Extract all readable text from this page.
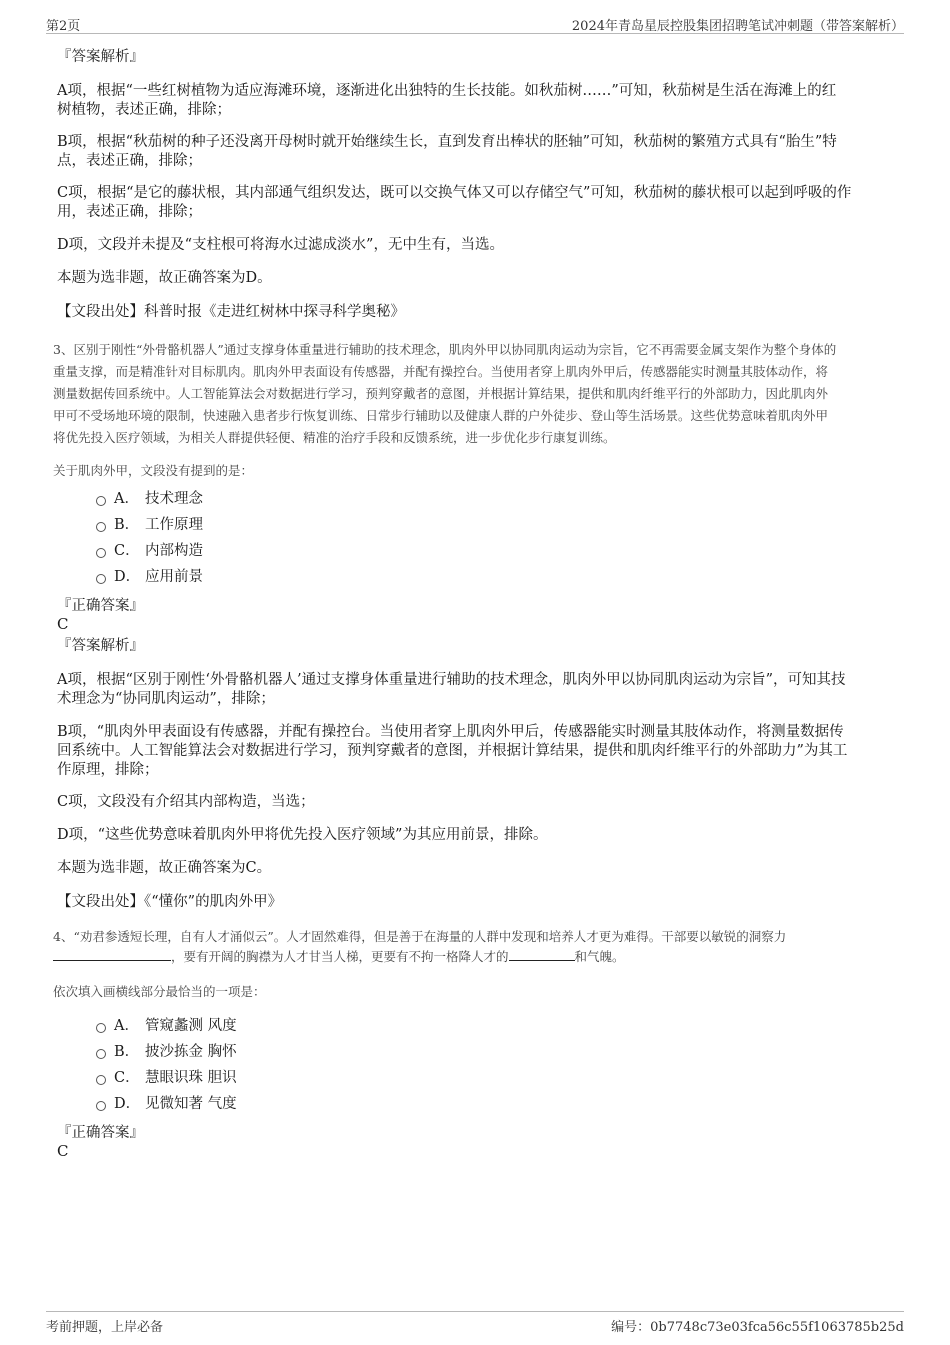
第2页	2024年青岛星辰控股集团招聘笔试冲刺题（带答案解析）
『答案解析』
A项，根据“一些红树植物为适应海滩环境，逐渐进化出独特的生长技能。如秋茄树……”可知，秋茄树是生活在海滩上的红
树植物，表述正确，排除；
B项，根据“秋茄树的种子还没离开母树时就开始继续生长，直到发育出棒状的胚轴”可知，秋茄树的繁殖方式具有“胎生”特
点，表述正确，排除；
C项，根据“是它的藤状根，其内部通气组织发达，既可以交换气体又可以存储空气”可知，秋茄树的藤状根可以起到呼吸的作
用，表述正确，排除；
D项，文段并未提及“支柱根可将海水过滤成淡水”，无中生有，当选。
本题为选非题，故正确答案为D。
【文段出处】科普时报《走进红树林中探寻科学奥秘》
3、区别于刚性“外骨骼机器人”通过支撑身体重量进行辅助的技术理念，肌肉外甲以协同肌肉运动为宗旨，它不再需要金属支架作为整个身体的
重量支撑，而是精准针对目标肌肉。肌肉外甲表面设有传感器，并配有操控台。当使用者穿上肌肉外甲后，传感器能实时测量其肢体动作，将
测量数据传回系统中。人工智能算法会对数据进行学习，预判穿戴者的意图，并根据计算结果，提供和肌肉纤维平行的外部助力，因此肌肉外
甲可不受场地环境的限制，快速融入患者步行恢复训练、日常步行辅助以及健康人群的户外徒步、登山等生活场景。这些优势意味着肌肉外甲
将优先投入医疗领域，为相关人群提供轻便、精准的治疗手段和反馈系统，进一步优化步行康复训练。
关于肌肉外甲，文段没有提到的是：
A． 技术理念
B． 工作原理
C． 内部构造
D． 应用前景
『正确答案』
C
『答案解析』
A项，根据“区别于刚性‘外骨骼机器人’通过支撑身体重量进行辅助的技术理念，肌肉外甲以协同肌肉运动为宗旨”，可知其技
术理念为“协同肌肉运动”，排除；
B项，“肌肉外甲表面设有传感器，并配有操控台。当使用者穿上肌肉外甲后，传感器能实时测量其肢体动作，将测量数据传
回系统中。人工智能算法会对数据进行学习，预判穿戴者的意图，并根据计算结果，提供和肌肉纤维平行的外部助力”为其工
作原理，排除；
C项，文段没有介绍其内部构造，当选；
D项，“这些优势意味着肌肉外甲将优先投入医疗领域”为其应用前景，排除。
本题为选非题，故正确答案为C。
【文段出处】《“懂你”的肌肉外甲》
4、“劝君参透短长理，自有人才涌似云”。人才固然难得，但是善于在海量的人群中发现和培养人才更为难得。干部要以敏锐的洞察力
，要有开阔的胸襟为人才甘当人梯，更要有不拘一格降人才的	和气魄。
依次填入画横线部分最恰当的一项是：
A． 管窥蠡测 风度
B． 披沙拣金 胸怀
C． 慧眼识珠 胆识
D． 见微知著 气度
『正确答案』
C
考前押题，上岸必备	编号：0b7748c73e03fca56c55f1063785b25d
